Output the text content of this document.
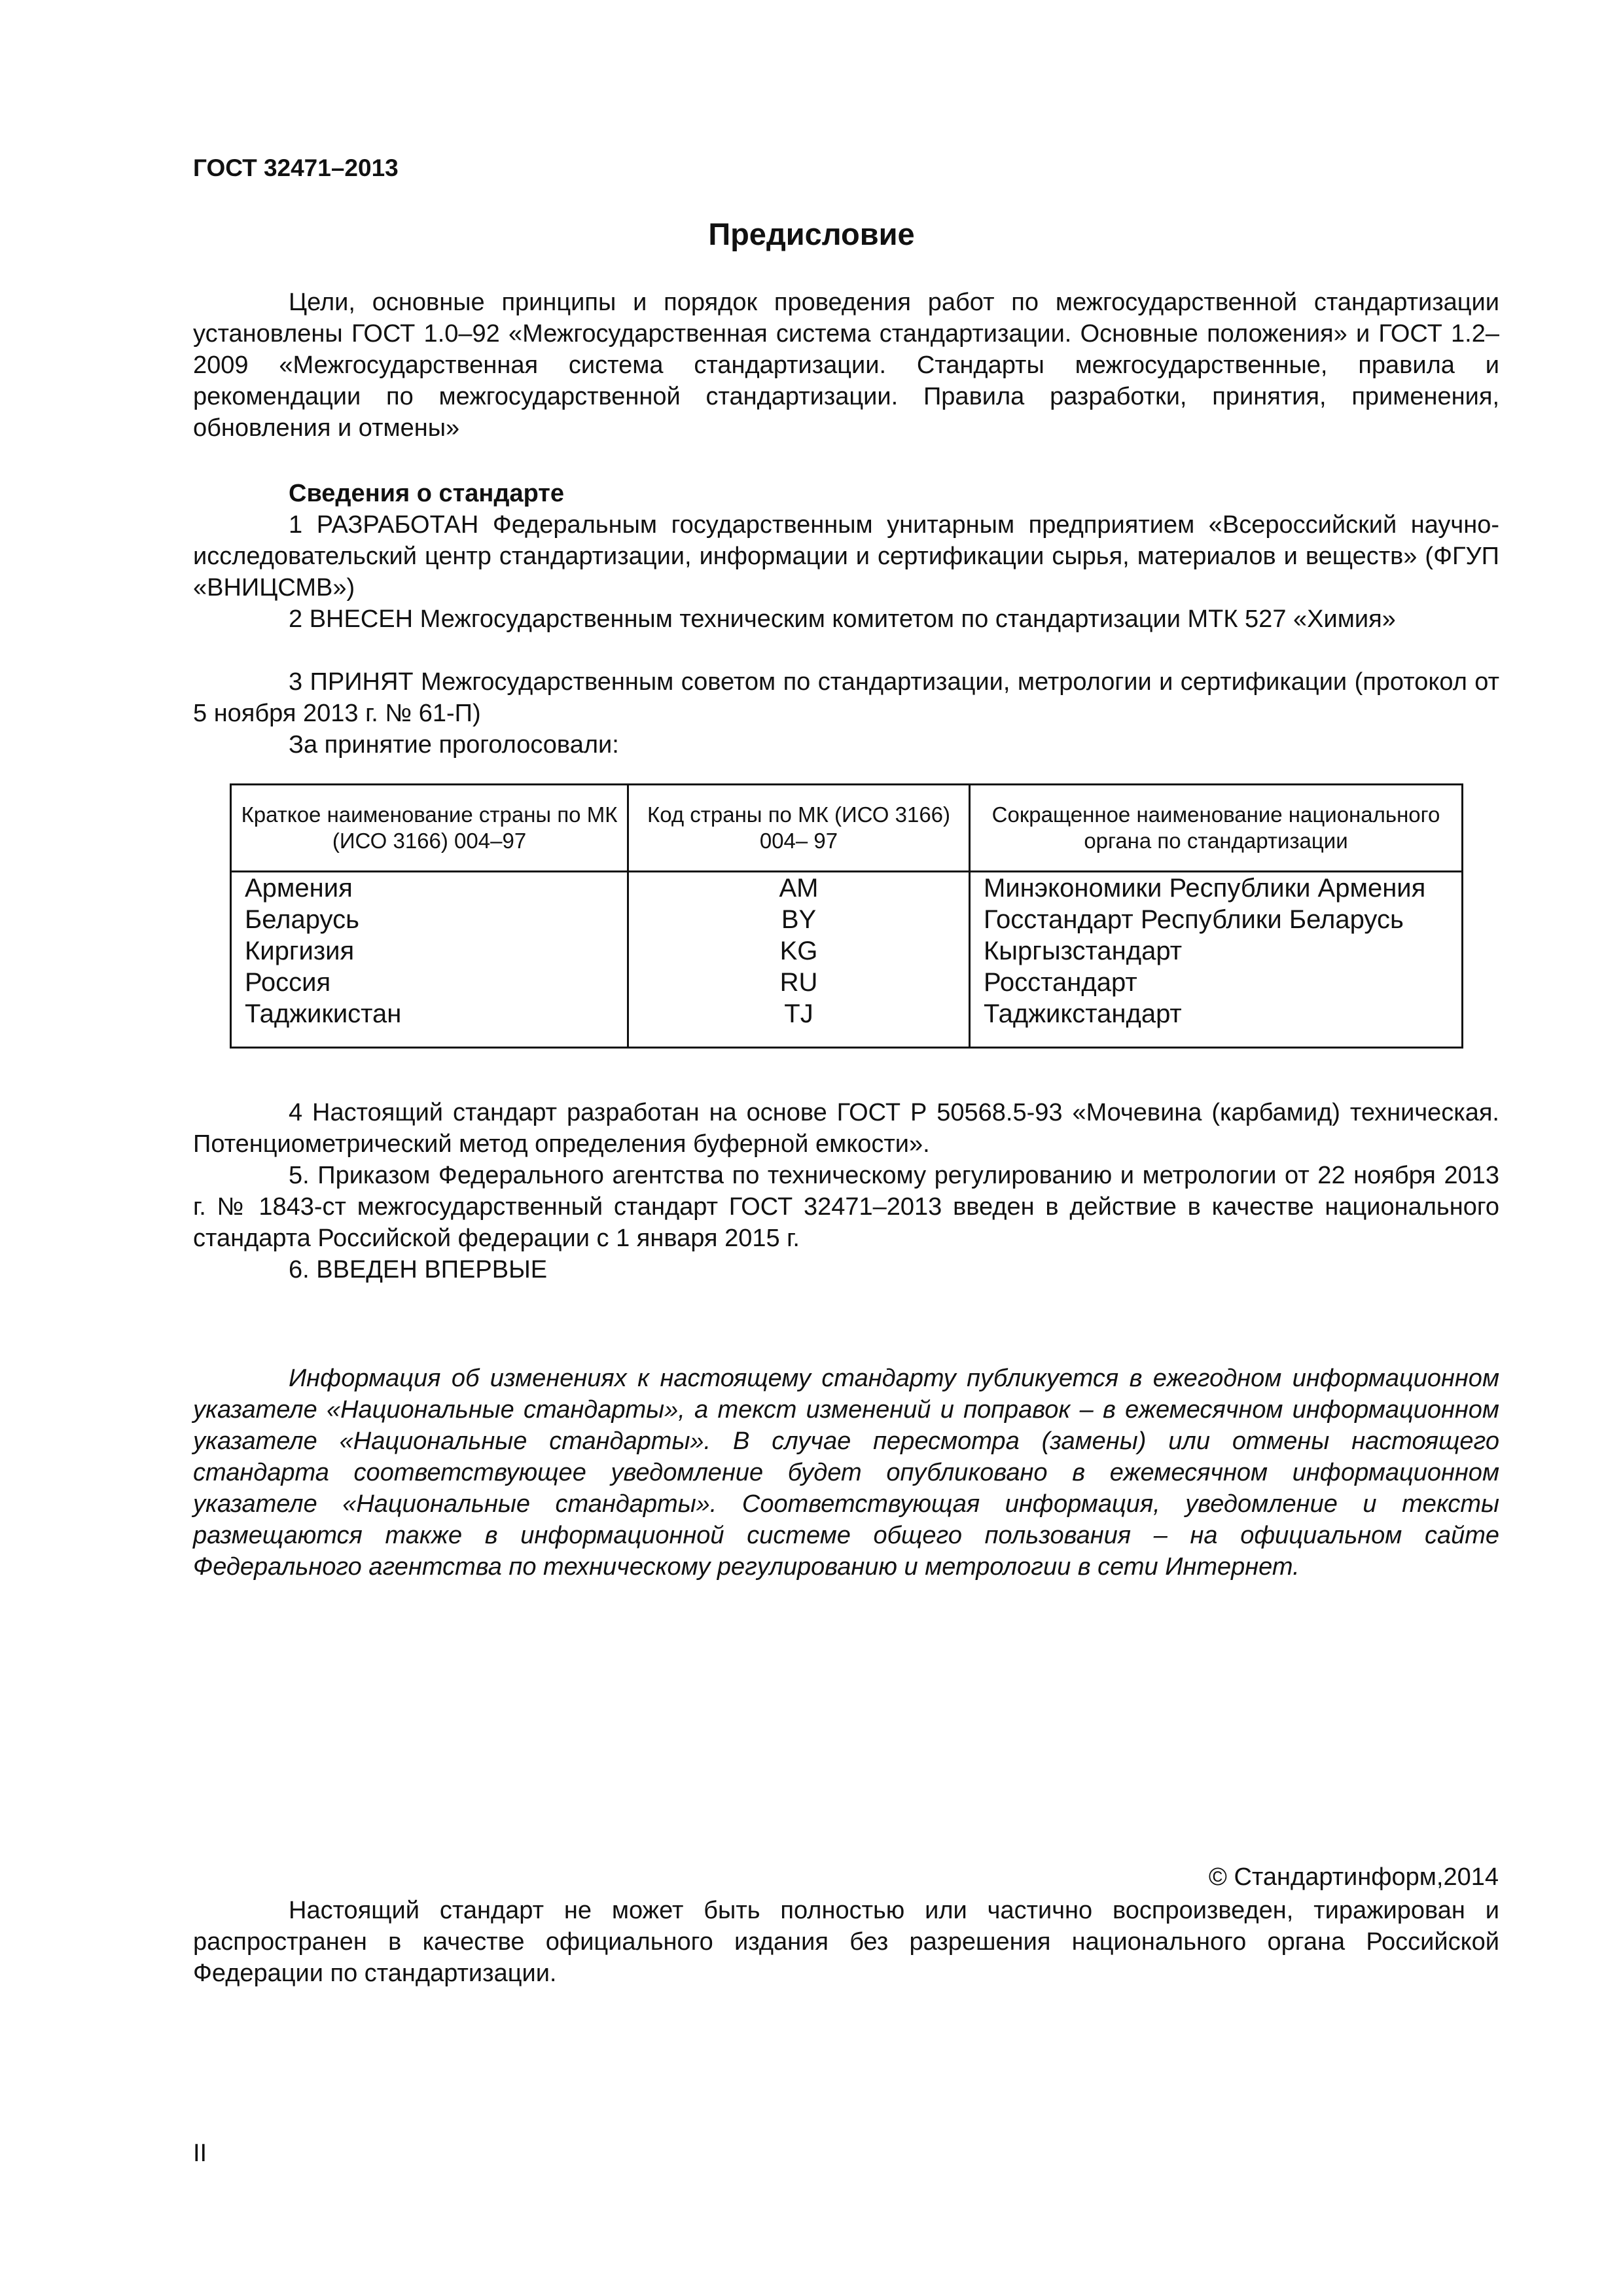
ГОСТ 32471–2013

Предисловие

Цели, основные принципы и порядок проведения работ по межгосударственной стандартизации установлены ГОСТ 1.0–92 «Межгосударственная система стандартизации. Основные положения» и ГОСТ 1.2–2009 «Межгосударственная система стандартизации. Стандарты межгосударственные, правила и рекомендации по межгосударственной стандартизации. Правила разработки, принятия, применения, обновления и отмены»

Сведения о стандарте

1 РАЗРАБОТАН Федеральным государственным унитарным предприятием «Всероссийский научно-исследовательский центр стандартизации, информации и сертификации сырья, материалов и веществ» (ФГУП «ВНИЦСМВ»)

2 ВНЕСЕН Межгосударственным техническим комитетом по стандартизации МТК 527 «Химия»

3 ПРИНЯТ Межгосударственным советом по стандартизации, метрологии и сертификации (протокол от 5 ноября 2013 г. № 61-П)

За принятие проголосовали:

Краткое наименование страны по МК (ИСО 3166) 004–97	Код страны по МК (ИСО 3166) 004– 97	Сокращенное наименование национального органа по стандартизации
Армения	AM	Минэкономики Республики Армения
Беларусь	BY	Госстандарт Республики Беларусь
Киргизия	KG	Кыргызстандарт
Россия	RU	Росстандарт
Таджикистан	TJ	Таджикстандарт

4 Настоящий стандарт разработан на основе ГОСТ Р 50568.5-93 «Мочевина (карбамид) техническая. Потенциометрический метод определения буферной емкости».

5. Приказом Федерального агентства по техническому регулированию и метрологии от 22 ноября 2013 г. № 1843-ст межгосударственный стандарт ГОСТ 32471–2013 введен в действие в качестве национального стандарта Российской федерации с 1 января 2015 г.

6. ВВЕДЕН ВПЕРВЫЕ

Информация об изменениях к настоящему стандарту публикуется в ежегодном информационном указателе «Национальные стандарты», а текст изменений и поправок – в ежемесячном информационном указателе «Национальные стандарты». В случае пересмотра (замены) или отмены настоящего стандарта соответствующее уведомление будет опубликовано в ежемесячном информационном указателе «Национальные стандарты». Соответствующая информация, уведомление и тексты размещаются также в информационной системе общего пользования – на официальном сайте Федерального агентства по техническому регулированию и метрологии в сети Интернет.

© Стандартинформ,2014

Настоящий стандарт не может быть полностью или частично воспроизведен, тиражирован и распространен в качестве официального издания без разрешения национального органа Российской Федерации по стандартизации.

II
